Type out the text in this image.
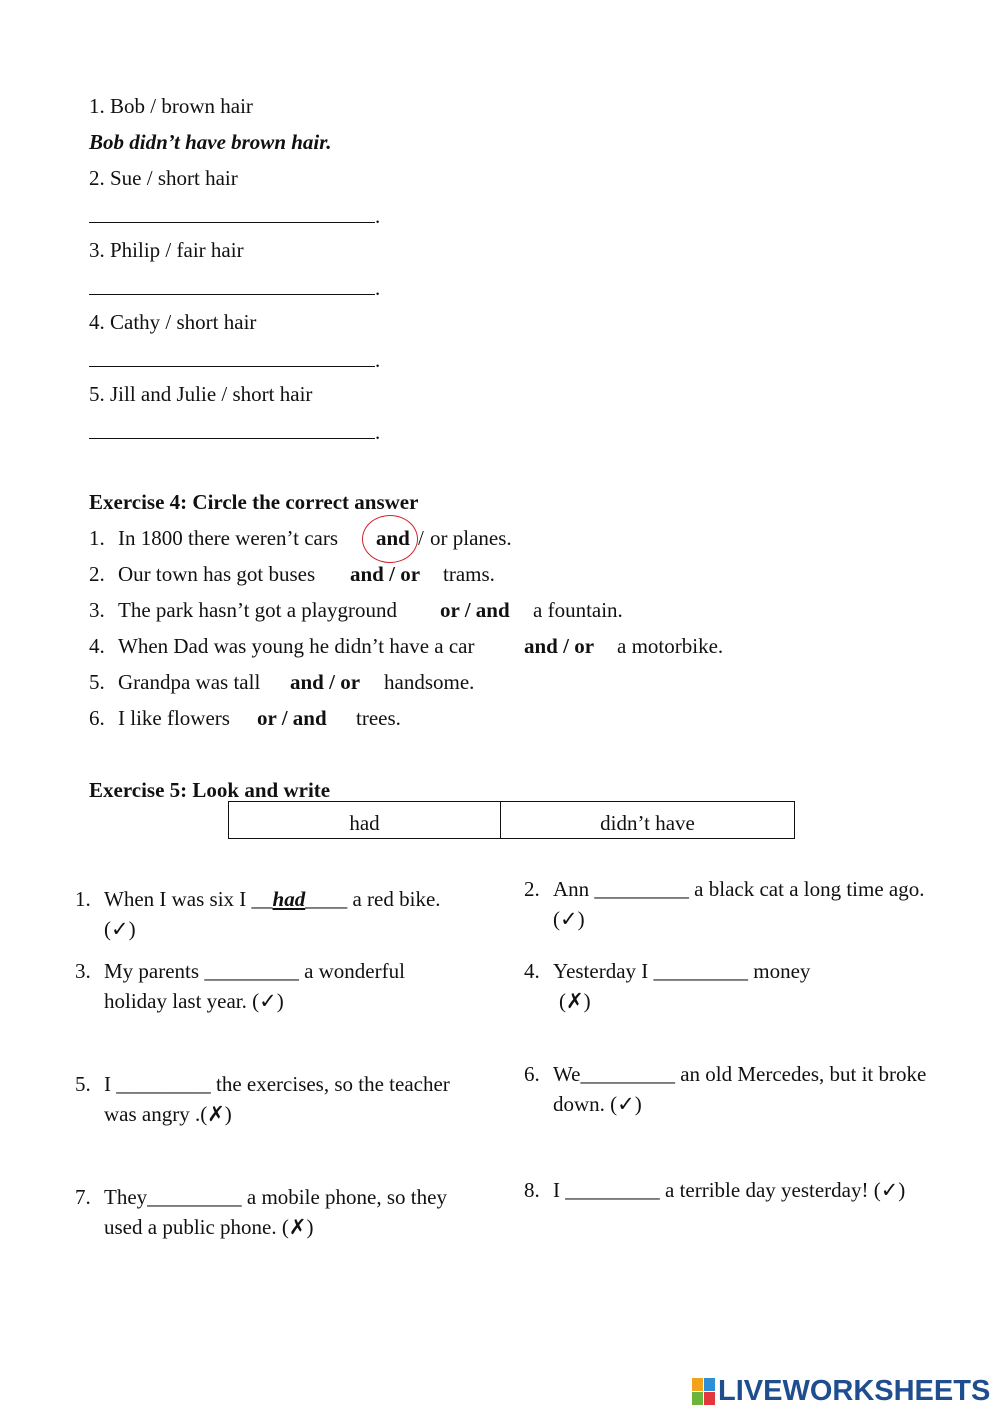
1. Bob / brown hair
Bob didn’t have brown hair.
2. Sue / short hair
.
3. Philip / fair hair
.
4. Cathy / short hair
.
5. Jill and Julie / short hair
.
Exercise 4: Circle the correct answer
1. In 1800 there weren’t cars and / or planes.
2. Our town has got buses and / or trams.
3. The park hasn’t got a playground or / and a fountain.
4. When Dad was young he didn’t have a car and / or a motorbike.
5. Grandpa was tall and / or handsome.
6. I like flowers or / and trees.
Exercise 5: Look and write
had	didn’t have
1. When I was six I __had____ a red bike.
(✓)
2. Ann _________ a black cat a long time ago.
(✓)
3. My parents _________ a wonderful
holiday last year. (✓)
4. Yesterday I _________ money
(✗)
5. I _________ the exercises, so the teacher
was angry .(✗)
6. We_________ an old Mercedes, but it broke
down. (✓)
7. They_________ a mobile phone, so they
used a public phone. (✗)
8. I _________ a terrible day yesterday! (✓)
LIVEWORKSHEETS
